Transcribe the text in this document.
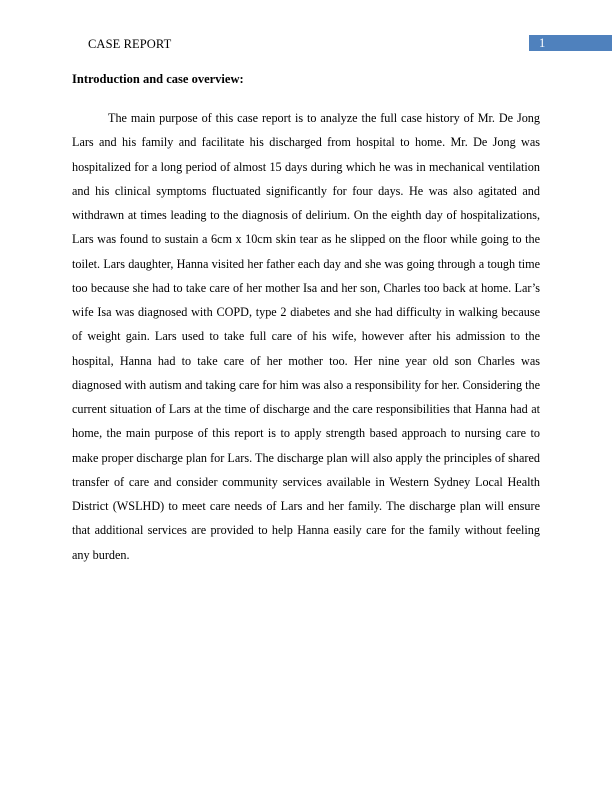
CASE REPORT	1
Introduction and case overview:

The main purpose of this case report is to analyze the full case history of Mr. De Jong Lars and his family and facilitate his discharged from hospital to home. Mr. De Jong was hospitalized for a long period of almost 15 days during which he was in mechanical ventilation and his clinical symptoms fluctuated significantly for four days. He was also agitated and withdrawn at times leading to the diagnosis of delirium. On the eighth day of hospitalizations, Lars was found to sustain a 6cm x 10cm skin tear as he slipped on the floor while going to the toilet. Lars daughter, Hanna visited her father each day and she was going through a tough time too because she had to take care of her mother Isa and her son, Charles too back at home. Lar’s wife Isa was diagnosed with COPD, type 2 diabetes and she had difficulty in walking because of weight gain. Lars used to take full care of his wife, however after his admission to the hospital, Hanna had to take care of her mother too. Her nine year old son Charles was diagnosed with autism and taking care for him was also a responsibility for her. Considering the current situation of Lars at the time of discharge and the care responsibilities that Hanna had at home, the main purpose of this report is to apply strength based approach to nursing care to make proper discharge plan for Lars. The discharge plan will also apply the principles of shared transfer of care and consider community services available in Western Sydney Local Health District (WSLHD) to meet care needs of Lars and her family. The discharge plan will ensure that additional services are provided to help Hanna easily care for the family without feeling any burden.
